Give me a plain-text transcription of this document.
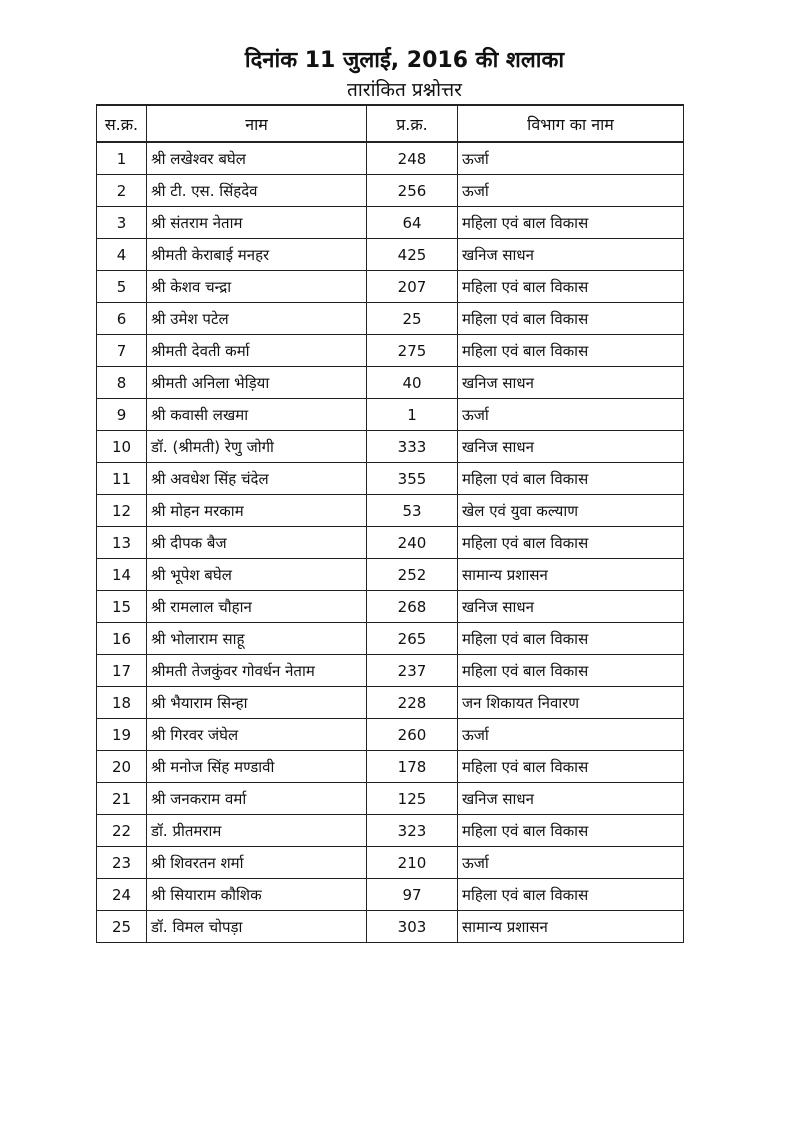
दिनांक 11 जुलाई, 2016 की शलाका
तारांकित प्रश्नोत्तर
स.क्र.	नाम	प्र.क्र.	विभाग का नाम
1	श्री लखेश्वर बघेल	248	ऊर्जा
2	श्री टी. एस. सिंहदेव	256	ऊर्जा
3	श्री संतराम नेताम	64	महिला एवं बाल विकास
4	श्रीमती केराबाई मनहर	425	खनिज साधन
5	श्री केशव चन्द्रा	207	महिला एवं बाल विकास
6	श्री उमेश पटेल	25	महिला एवं बाल विकास
7	श्रीमती देवती कर्मा	275	महिला एवं बाल विकास
8	श्रीमती अनिला भेड़िया	40	खनिज साधन
9	श्री कवासी लखमा	1	ऊर्जा
10	डॉ. (श्रीमती) रेणु जोगी	333	खनिज साधन
11	श्री अवधेश सिंह चंदेल	355	महिला एवं बाल विकास
12	श्री मोहन मरकाम	53	खेल एवं युवा कल्याण
13	श्री दीपक बैज	240	महिला एवं बाल विकास
14	श्री भूपेश बघेल	252	सामान्य प्रशासन
15	श्री रामलाल चौहान	268	खनिज साधन
16	श्री भोलाराम साहू	265	महिला एवं बाल विकास
17	श्रीमती तेजकुंवर गोवर्धन नेताम	237	महिला एवं बाल विकास
18	श्री भैयाराम सिन्हा	228	जन शिकायत निवारण
19	श्री गिरवर जंघेल	260	ऊर्जा
20	श्री मनोज सिंह मण्डावी	178	महिला एवं बाल विकास
21	श्री जनकराम वर्मा	125	खनिज साधन
22	डॉ. प्रीतमराम	323	महिला एवं बाल विकास
23	श्री शिवरतन शर्मा	210	ऊर्जा
24	श्री सियाराम कौशिक	97	महिला एवं बाल विकास
25	डॉ. विमल चोपड़ा	303	सामान्य प्रशासन
